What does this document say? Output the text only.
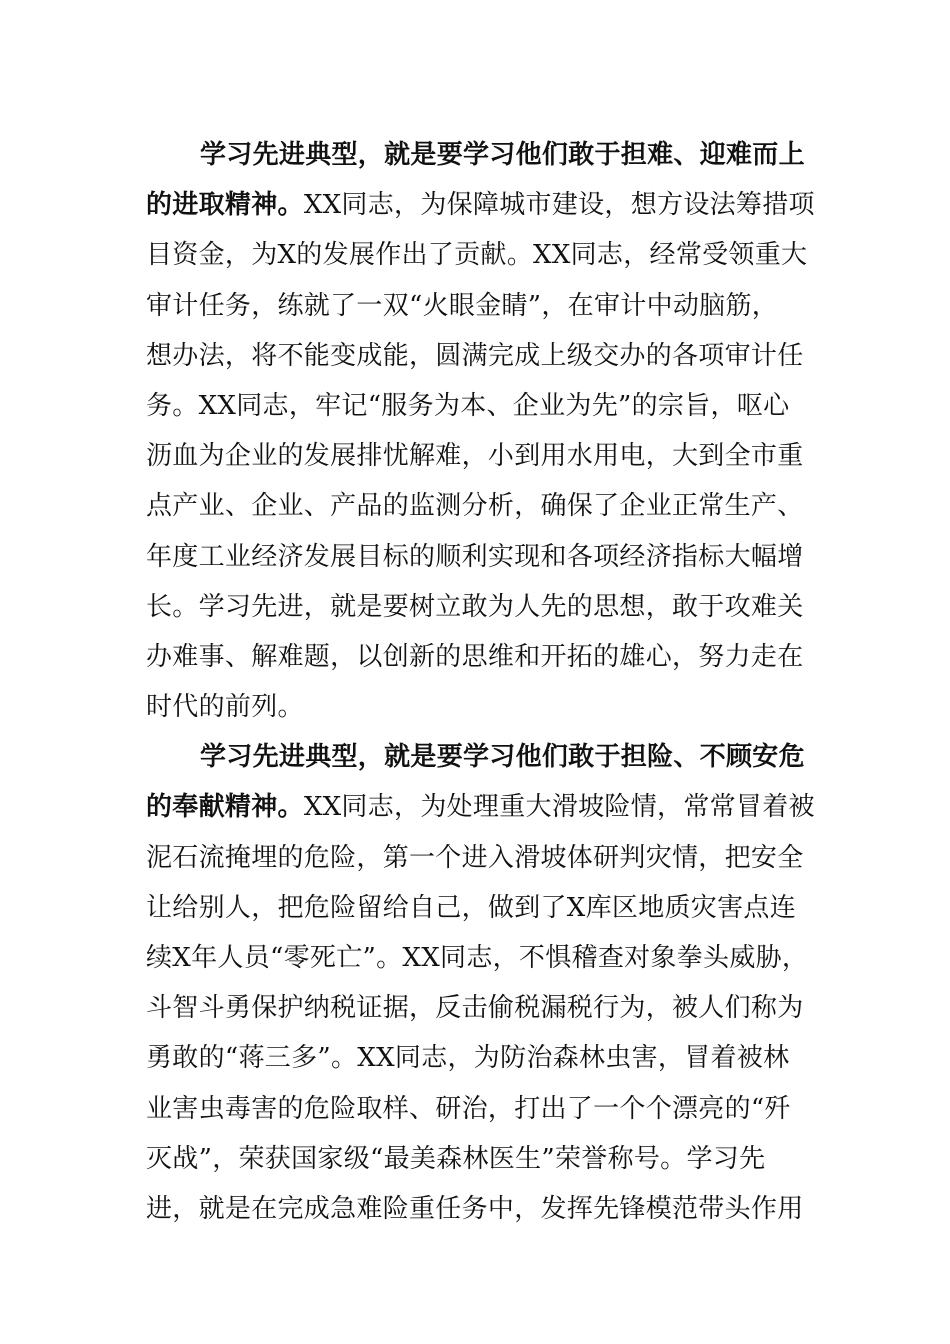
学习先进典型，就是要学习他们敢于担难、迎难而上
的进取精神。XX同志，为保障城市建设，想方设法筹措项
目资金，为X的发展作出了贡献。XX同志，经常受领重大
审计任务，练就了一双“火眼金睛”，在审计中动脑筋，
想办法，将不能变成能，圆满完成上级交办的各项审计任
务。XX同志，牢记“服务为本、企业为先”的宗旨，呕心
沥血为企业的发展排忧解难，小到用水用电，大到全市重
点产业、企业、产品的监测分析，确保了企业正常生产、
年度工业经济发展目标的顺利实现和各项经济指标大幅增
长。学习先进，就是要树立敢为人先的思想，敢于攻难关
办难事、解难题，以创新的思维和开拓的雄心，努力走在
时代的前列。
学习先进典型，就是要学习他们敢于担险、不顾安危
的奉献精神。XX同志，为处理重大滑坡险情，常常冒着被
泥石流掩埋的危险，第一个进入滑坡体研判灾情，把安全
让给别人，把危险留给自己，做到了X库区地质灾害点连
续X年人员“零死亡”。XX同志，不惧稽查对象拳头威胁，
斗智斗勇保护纳税证据，反击偷税漏税行为，被人们称为
勇敢的“蒋三多”。XX同志，为防治森林虫害，冒着被林
业害虫毒害的危险取样、研治，打出了一个个漂亮的“歼
灭战”，荣获国家级“最美森林医生”荣誉称号。学习先
进，就是在完成急难险重任务中，发挥先锋模范带头作用
